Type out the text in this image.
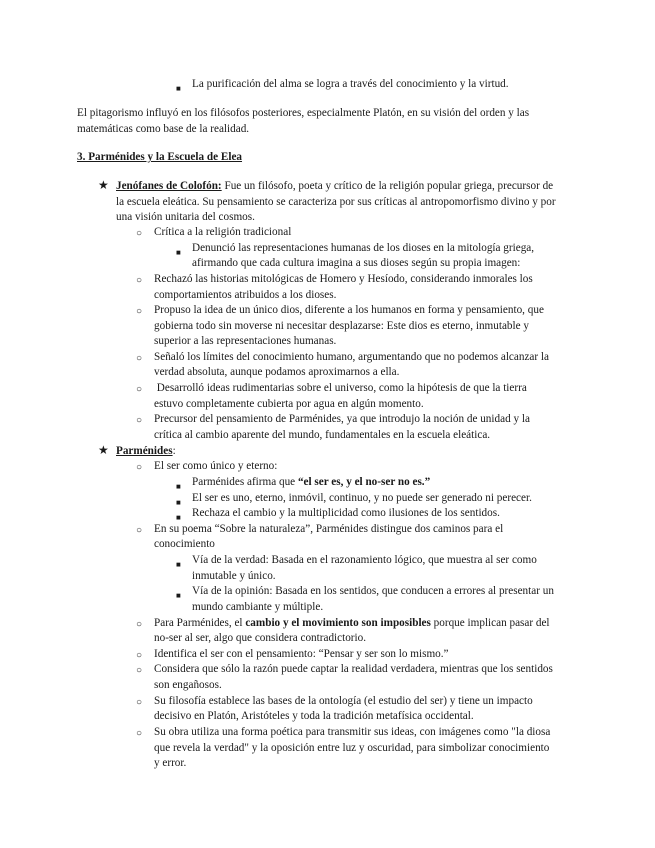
■ La purificación del alma se logra a través del conocimiento y la virtud.
El pitagorismo influyó en los filósofos posteriores, especialmente Platón, en su visión del orden y las
matemáticas como base de la realidad.
3. Parménides y la Escuela de Elea
★ Jenófanes de Colofón: Fue un filósofo, poeta y crítico de la religión popular griega, precursor de
la escuela eleática. Su pensamiento se caracteriza por sus críticas al antropomorfismo divino y por
una visión unitaria del cosmos.
○ Crítica a la religión tradicional
■ Denunció las representaciones humanas de los dioses en la mitología griega,
afirmando que cada cultura imagina a sus dioses según su propia imagen:
○ Rechazó las historias mitológicas de Homero y Hesíodo, considerando inmorales los
comportamientos atribuidos a los dioses.
○ Propuso la idea de un único dios, diferente a los humanos en forma y pensamiento, que
gobierna todo sin moverse ni necesitar desplazarse: Este dios es eterno, inmutable y
superior a las representaciones humanas.
○ Señaló los límites del conocimiento humano, argumentando que no podemos alcanzar la
verdad absoluta, aunque podamos aproximarnos a ella.
○ Desarrolló ideas rudimentarias sobre el universo, como la hipótesis de que la tierra
estuvo completamente cubierta por agua en algún momento.
○ Precursor del pensamiento de Parménides, ya que introdujo la noción de unidad y la
crítica al cambio aparente del mundo, fundamentales en la escuela eleática.
★ Parménides:
○ El ser como único y eterno:
■ Parménides afirma que “el ser es, y el no-ser no es.”
■ El ser es uno, eterno, inmóvil, continuo, y no puede ser generado ni perecer.
■ Rechaza el cambio y la multiplicidad como ilusiones de los sentidos.
○ En su poema “Sobre la naturaleza”, Parménides distingue dos caminos para el
conocimiento
■ Vía de la verdad: Basada en el razonamiento lógico, que muestra al ser como
inmutable y único.
■ Vía de la opinión: Basada en los sentidos, que conducen a errores al presentar un
mundo cambiante y múltiple.
○ Para Parménides, el cambio y el movimiento son imposibles porque implican pasar del
no-ser al ser, algo que considera contradictorio.
○ Identifica el ser con el pensamiento: “Pensar y ser son lo mismo.”
○ Considera que sólo la razón puede captar la realidad verdadera, mientras que los sentidos
son engañosos.
○ Su filosofía establece las bases de la ontología (el estudio del ser) y tiene un impacto
decisivo en Platón, Aristóteles y toda la tradición metafísica occidental.
○ Su obra utiliza una forma poética para transmitir sus ideas, con imágenes como "la diosa
que revela la verdad" y la oposición entre luz y oscuridad, para simbolizar conocimiento
y error.
